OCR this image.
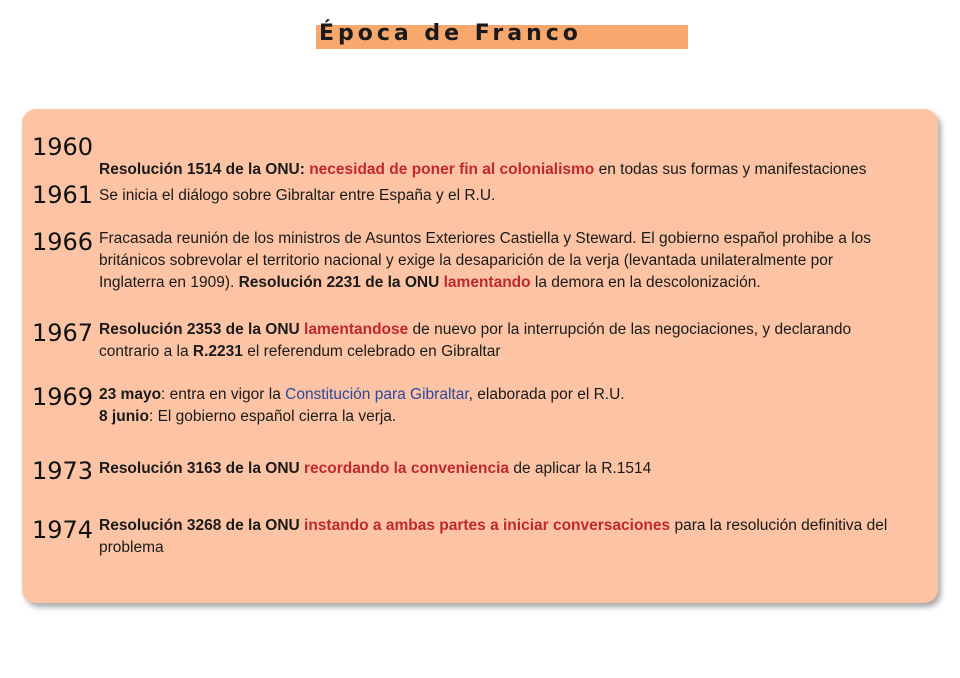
Época de Franco
1960
Resolución 1514 de la ONU: necesidad de poner fin al colonialismo en todas sus formas y manifestaciones
1961 Se inicia el diálogo sobre Gibraltar entre España y el R.U.
1966 Fracasada reunión de los ministros de Asuntos Exteriores Castiella y Steward. El gobierno español prohibe a los británicos sobrevolar el territorio nacional y exige la desaparición de la verja (levantada unilateralmente por Inglaterra en 1909). Resolución 2231 de la ONU lamentando la demora en la descolonización.
1967 Resolución 2353 de la ONU lamentandose de nuevo por la interrupción de las negociaciones, y declarando contrario a la R.2231 el referendum celebrado en Gibraltar
1969 23 mayo: entra en vigor la Constitución para Gibraltar, elaborada por el R.U.
8 junio: El gobierno español cierra la verja.
1973 Resolución 3163 de la ONU recordando la conveniencia de aplicar la R.1514
1974 Resolución 3268 de la ONU instando a ambas partes a iniciar conversaciones para la resolución definitiva del problema
